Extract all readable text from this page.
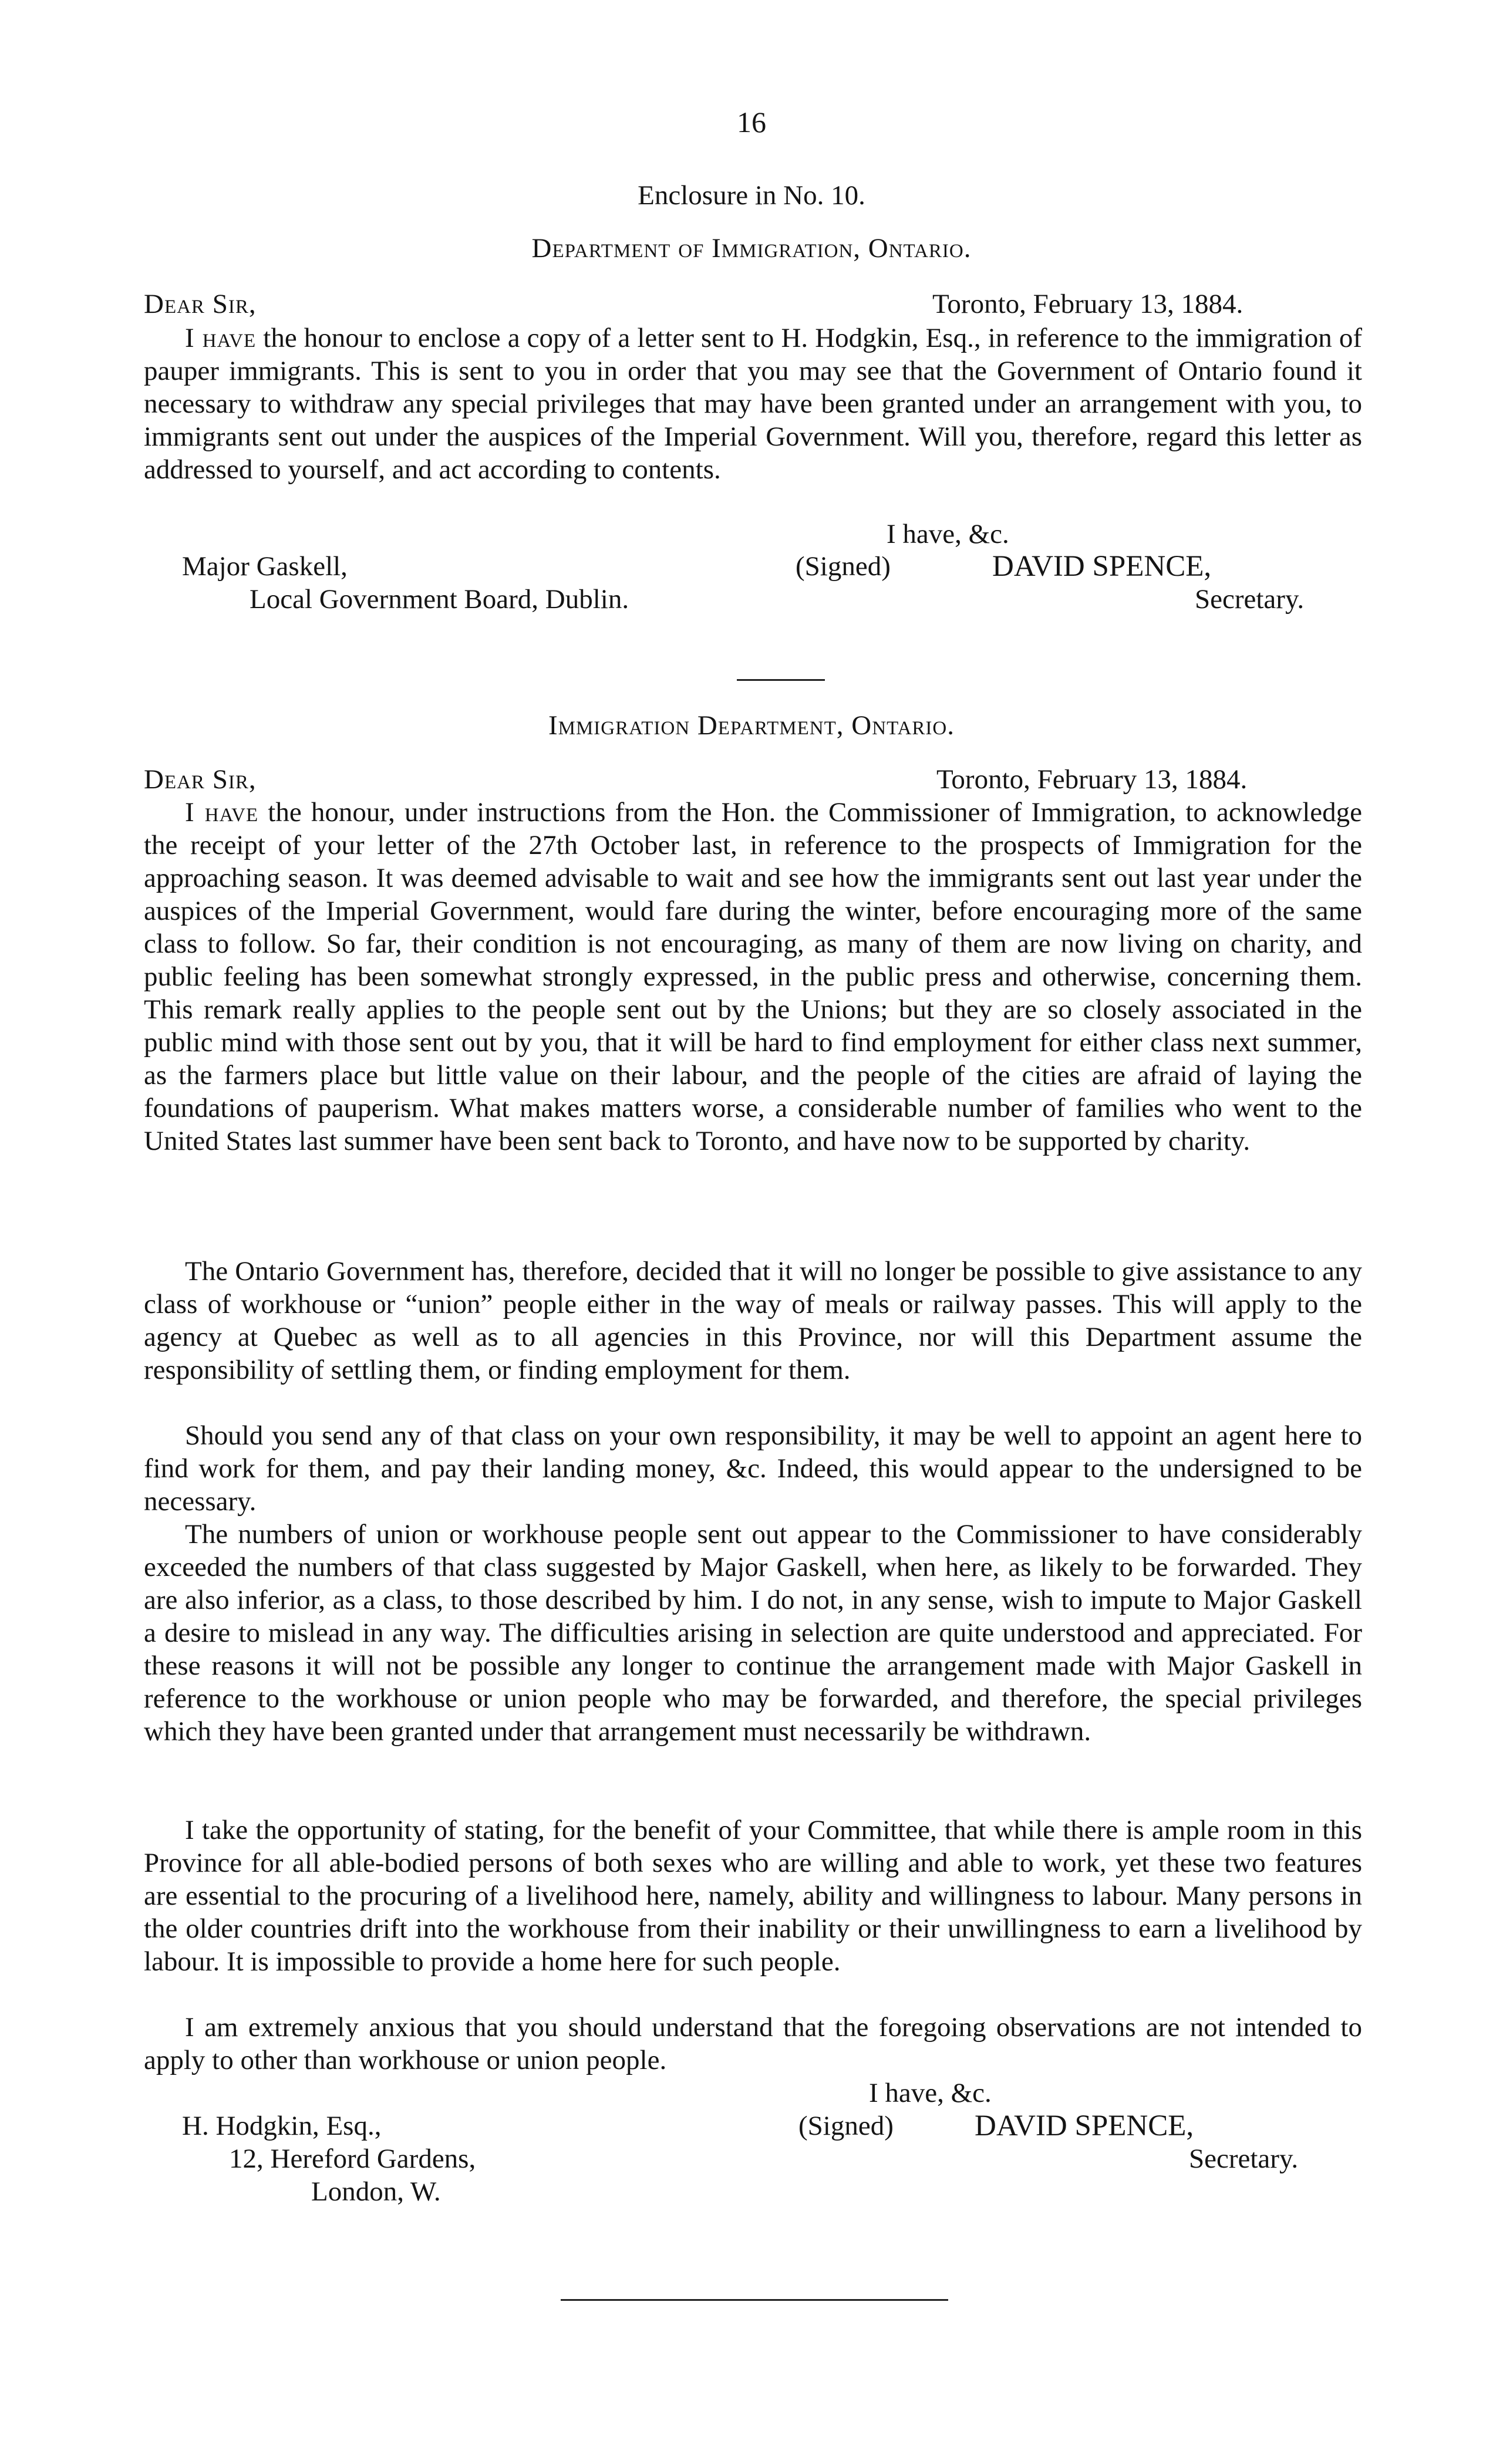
16
Enclosure in No. 10.
Department of Immigration, Ontario.
Dear Sir,	Toronto, February 13, 1884.
I have the honour to enclose a copy of a letter sent to H. Hodgkin, Esq., in reference to the immigration of pauper immigrants. This is sent to you in order that you may see that the Government of Ontario found it necessary to withdraw any special privileges that may have been granted under an arrangement with you, to immigrants sent out under the auspices of the Imperial Government. Will you, therefore, regard this letter as addressed to yourself, and act according to contents.
I have, &c.
Major Gaskell,	(Signed)	DAVID SPENCE,
Local Government Board, Dublin.	Secretary.
Immigration Department, Ontario.
Dear Sir,	Toronto, February 13, 1884.
I have the honour, under instructions from the Hon. the Commissioner of Immigration, to acknowledge the receipt of your letter of the 27th October last, in reference to the prospects of Immigration for the approaching season. It was deemed advisable to wait and see how the immigrants sent out last year under the auspices of the Imperial Government, would fare during the winter, before encouraging more of the same class to follow. So far, their condition is not encouraging, as many of them are now living on charity, and public feeling has been somewhat strongly expressed, in the public press and otherwise, concerning them. This remark really applies to the people sent out by the Unions; but they are so closely associated in the public mind with those sent out by you, that it will be hard to find employment for either class next summer, as the farmers place but little value on their labour, and the people of the cities are afraid of laying the foundations of pauperism. What makes matters worse, a considerable number of families who went to the United States last summer have been sent back to Toronto, and have now to be supported by charity.
The Ontario Government has, therefore, decided that it will no longer be possible to give assistance to any class of workhouse or “union” people either in the way of meals or railway passes. This will apply to the agency at Quebec as well as to all agencies in this Province, nor will this Department assume the responsibility of settling them, or finding employment for them.
Should you send any of that class on your own responsibility, it may be well to appoint an agent here to find work for them, and pay their landing money, &c. Indeed, this would appear to the undersigned to be necessary.
The numbers of union or workhouse people sent out appear to the Commissioner to have considerably exceeded the numbers of that class suggested by Major Gaskell, when here, as likely to be forwarded. They are also inferior, as a class, to those described by him. I do not, in any sense, wish to impute to Major Gaskell a desire to mislead in any way. The difficulties arising in selection are quite understood and appreciated. For these reasons it will not be possible any longer to continue the arrangement made with Major Gaskell in reference to the workhouse or union people who may be forwarded, and therefore, the special privileges which they have been granted under that arrangement must necessarily be withdrawn.
I take the opportunity of stating, for the benefit of your Committee, that while there is ample room in this Province for all able-bodied persons of both sexes who are willing and able to work, yet these two features are essential to the procuring of a livelihood here, namely, ability and willingness to labour. Many persons in the older countries drift into the workhouse from their inability or their unwillingness to earn a livelihood by labour. It is impossible to provide a home here for such people.
I am extremely anxious that you should understand that the foregoing observations are not intended to apply to other than workhouse or union people.
I have, &c.
H. Hodgkin, Esq.,	(Signed)	DAVID SPENCE,
12, Hereford Gardens,	Secretary.
London, W.
